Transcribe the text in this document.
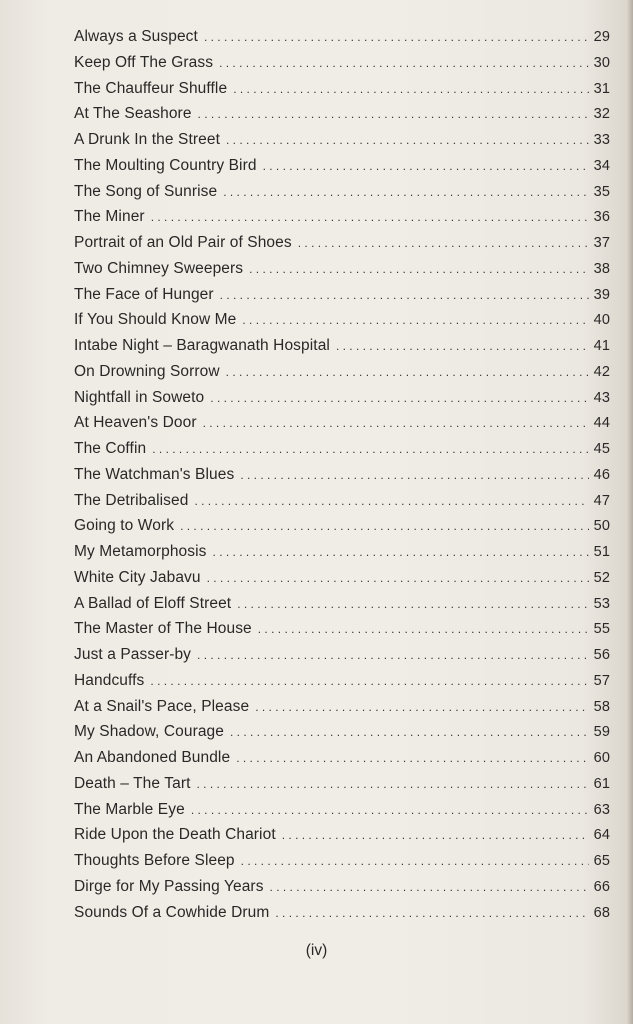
Always a Suspect . . .	29
Keep Off The Grass . . .	30
The Chauffeur Shuffle . . .	31
At The Seashore . . .	32
A Drunk In the Street . . .	33
The Moulting Country Bird . . .	34
The Song of Sunrise . . .	35
The Miner . . .	36
Portrait of an Old Pair of Shoes . . .	37
Two Chimney Sweepers . . .	38
The Face of Hunger . . .	39
If You Should Know Me . . .	40
Intabe Night – Baragwanath Hospital . . .	41
On Drowning Sorrow . . .	42
Nightfall in Soweto . . .	43
At Heaven's Door . . .	44
The Coffin . . .	45
The Watchman's Blues . . .	46
The Detribalised . . .	47
Going to Work . . .	50
My Metamorphosis . . .	51
White City Jabavu . . .	52
A Ballad of Eloff Street . . .	53
The Master of The House . . .	55
Just a Passer-by . . .	56
Handcuffs . . .	57
At a Snail's Pace, Please . . .	58
My Shadow, Courage . . .	59
An Abandoned Bundle . . .	60
Death – The Tart . . .	61
The Marble Eye . . .	63
Ride Upon the Death Chariot . . .	64
Thoughts Before Sleep . . .	65
Dirge for My Passing Years . . .	66
Sounds Of a Cowhide Drum . . .	68
(iv)
